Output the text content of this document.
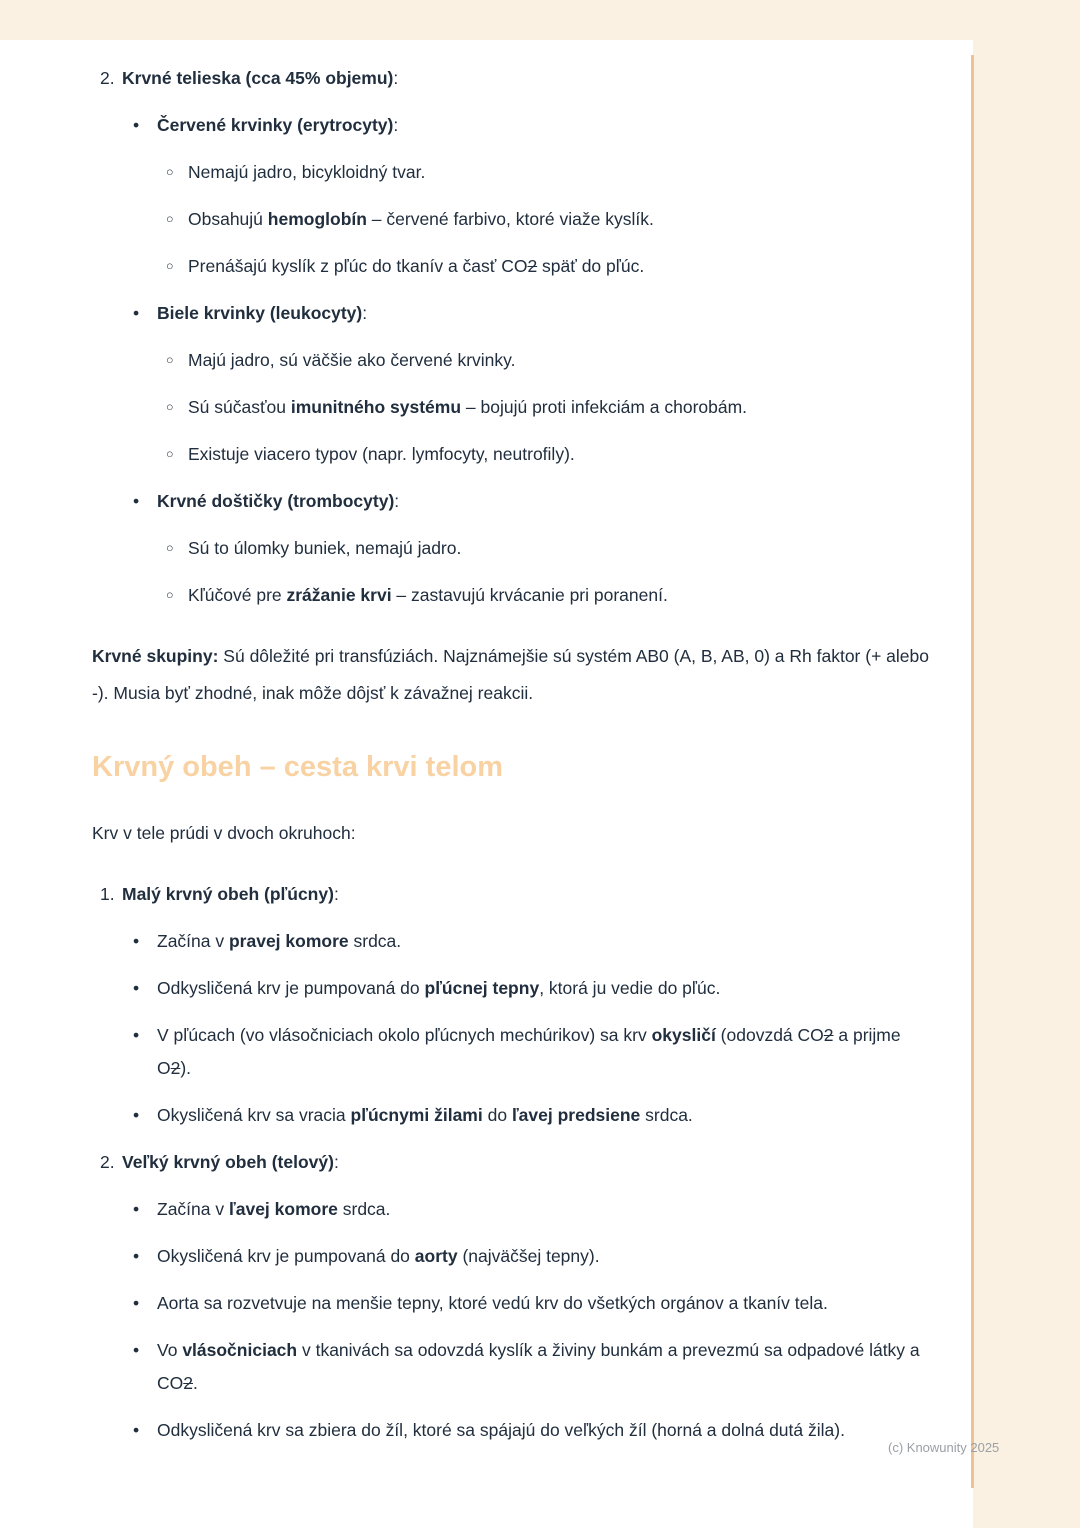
2. Krvné telieska (cca 45% objemu):
•	Červené krvinky (erytrocyty):
○ Nemajú jadro, bicykloidný tvar.
○ Obsahujú hemoglobín – červené farbivo, ktoré viaže kyslík.
○ Prenášajú kyslík z pľúc do tkanív a časť CO2 späť do pľúc.
•	Biele krvinky (leukocyty):
○ Majú jadro, sú väčšie ako červené krvinky.
○ Sú súčasťou imunitného systému – bojujú proti infekciám a chorobám.
○ Existuje viacero typov (napr. lymfocyty, neutrofily).
•	Krvné doštičky (trombocyty):
○ Sú to úlomky buniek, nemajú jadro.
○ Kľúčové pre zrážanie krvi – zastavujú krvácanie pri poranení.

Krvné skupiny: Sú dôležité pri transfúziách. Najznámejšie sú systém AB0 (A, B, AB, 0) a Rh faktor (+ alebo -). Musia byť zhodné, inak môže dôjsť k závažnej reakcii.

Krvný obeh – cesta krvi telom

Krv v tele prúdi v dvoch okruhoch:

1. Malý krvný obeh (pľúcny):
•	Začína v pravej komore srdca.
•	Odkysličená krv je pumpovaná do pľúcnej tepny, ktorá ju vedie do pľúc.
•	V pľúcach (vo vlásočniciach okolo pľúcnych mechúrikov) sa krv okysličí (odovzdá CO2 a prijme O2).
•	Okysličená krv sa vracia pľúcnymi žilami do ľavej predsiene srdca.
2. Veľký krvný obeh (telový):
•	Začína v ľavej komore srdca.
•	Okysličená krv je pumpovaná do aorty (najväčšej tepny).
•	Aorta sa rozvetvuje na menšie tepny, ktoré vedú krv do všetkých orgánov a tkanív tela.
•	Vo vlásočniciach v tkanivách sa odovzdá kyslík a živiny bunkám a prevezmú sa odpadové látky a CO2.
•	Odkysličená krv sa zbiera do žíl, ktoré sa spájajú do veľkých žíl (horná a dolná dutá žila).
(c) Knowunity 2025
